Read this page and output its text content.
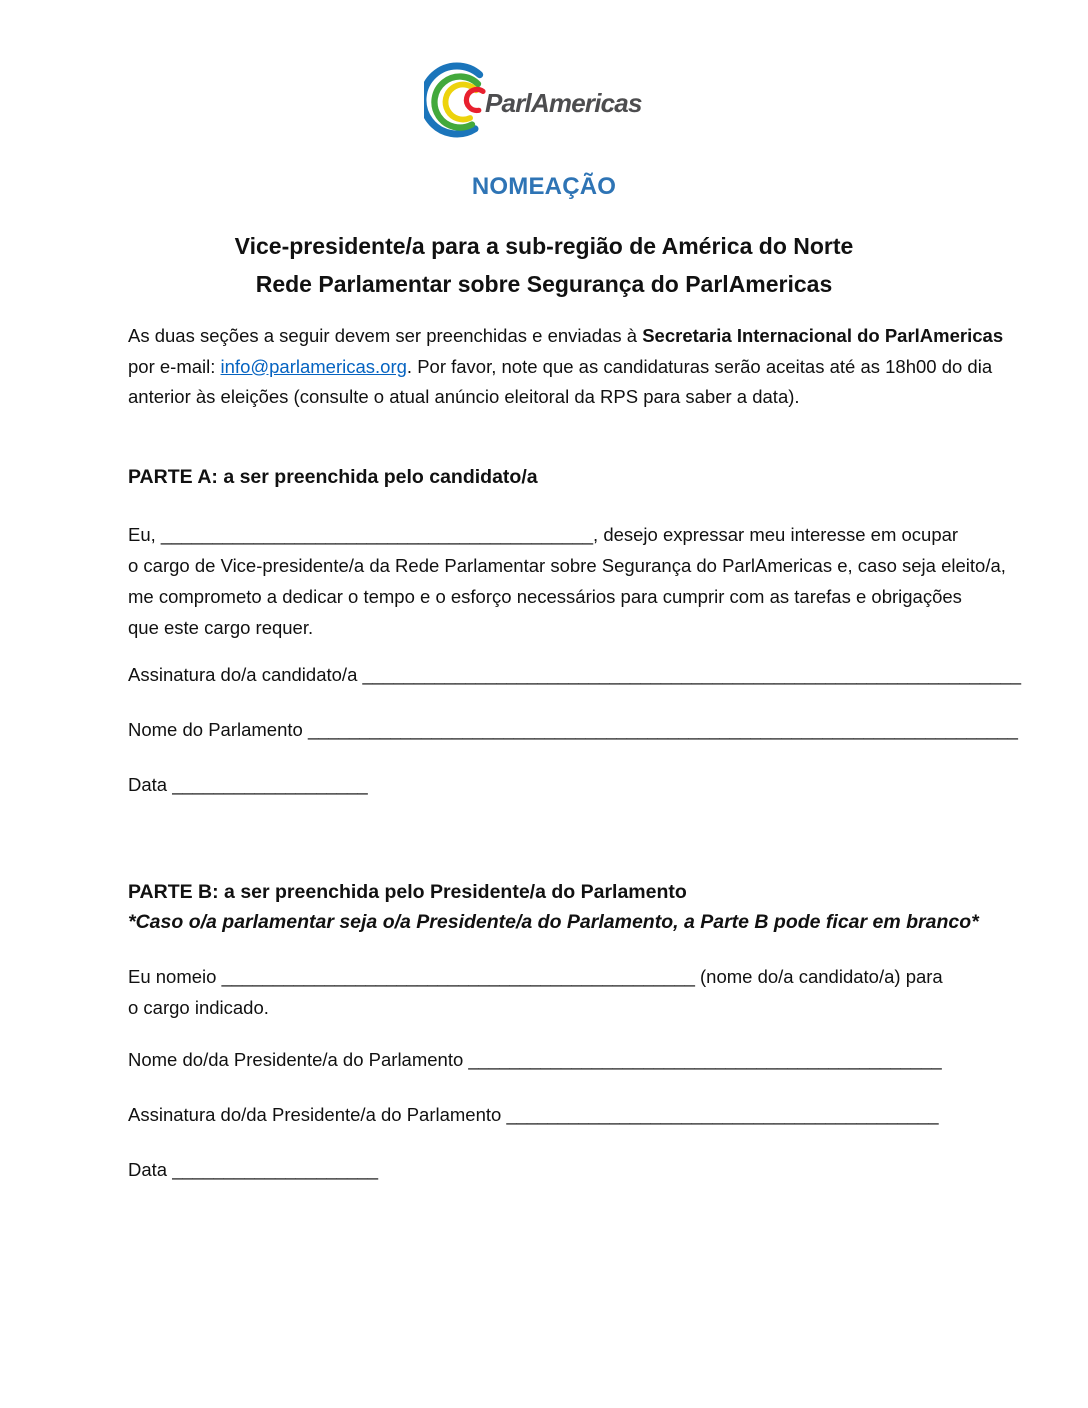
ParlAmericas
NOMEAÇÃO
Vice-presidente/a para a sub-região de América do Norte
Rede Parlamentar sobre Segurança do ParlAmericas
As duas seções a seguir devem ser preenchidas e enviadas à Secretaria Internacional do ParlAmericas
por e-mail: info@parlamericas.org. Por favor, note que as candidaturas serão aceitas até as 18h00 do dia
anterior às eleições (consulte o atual anúncio eleitoral da RPS para saber a data).
PARTE A: a ser preenchida pelo candidato/a
Eu, __________________________________________, desejo expressar meu interesse em ocupar
o cargo de Vice-presidente/a da Rede Parlamentar sobre Segurança do ParlAmericas e, caso seja eleito/a,
me comprometo a dedicar o tempo e o esforço necessários para cumprir com as tarefas e obrigações
que este cargo requer.
Assinatura do/a candidato/a ________________________________________________________________
Nome do Parlamento _____________________________________________________________________
Data ___________________
PARTE B: a ser preenchida pelo Presidente/a do Parlamento
*Caso o/a parlamentar seja o/a Presidente/a do Parlamento, a Parte B pode ficar em branco*
Eu nomeio ______________________________________________ (nome do/a candidato/a) para
o cargo indicado.
Nome do/da Presidente/a do Parlamento ______________________________________________
Assinatura do/da Presidente/a do Parlamento __________________________________________
Data ____________________
